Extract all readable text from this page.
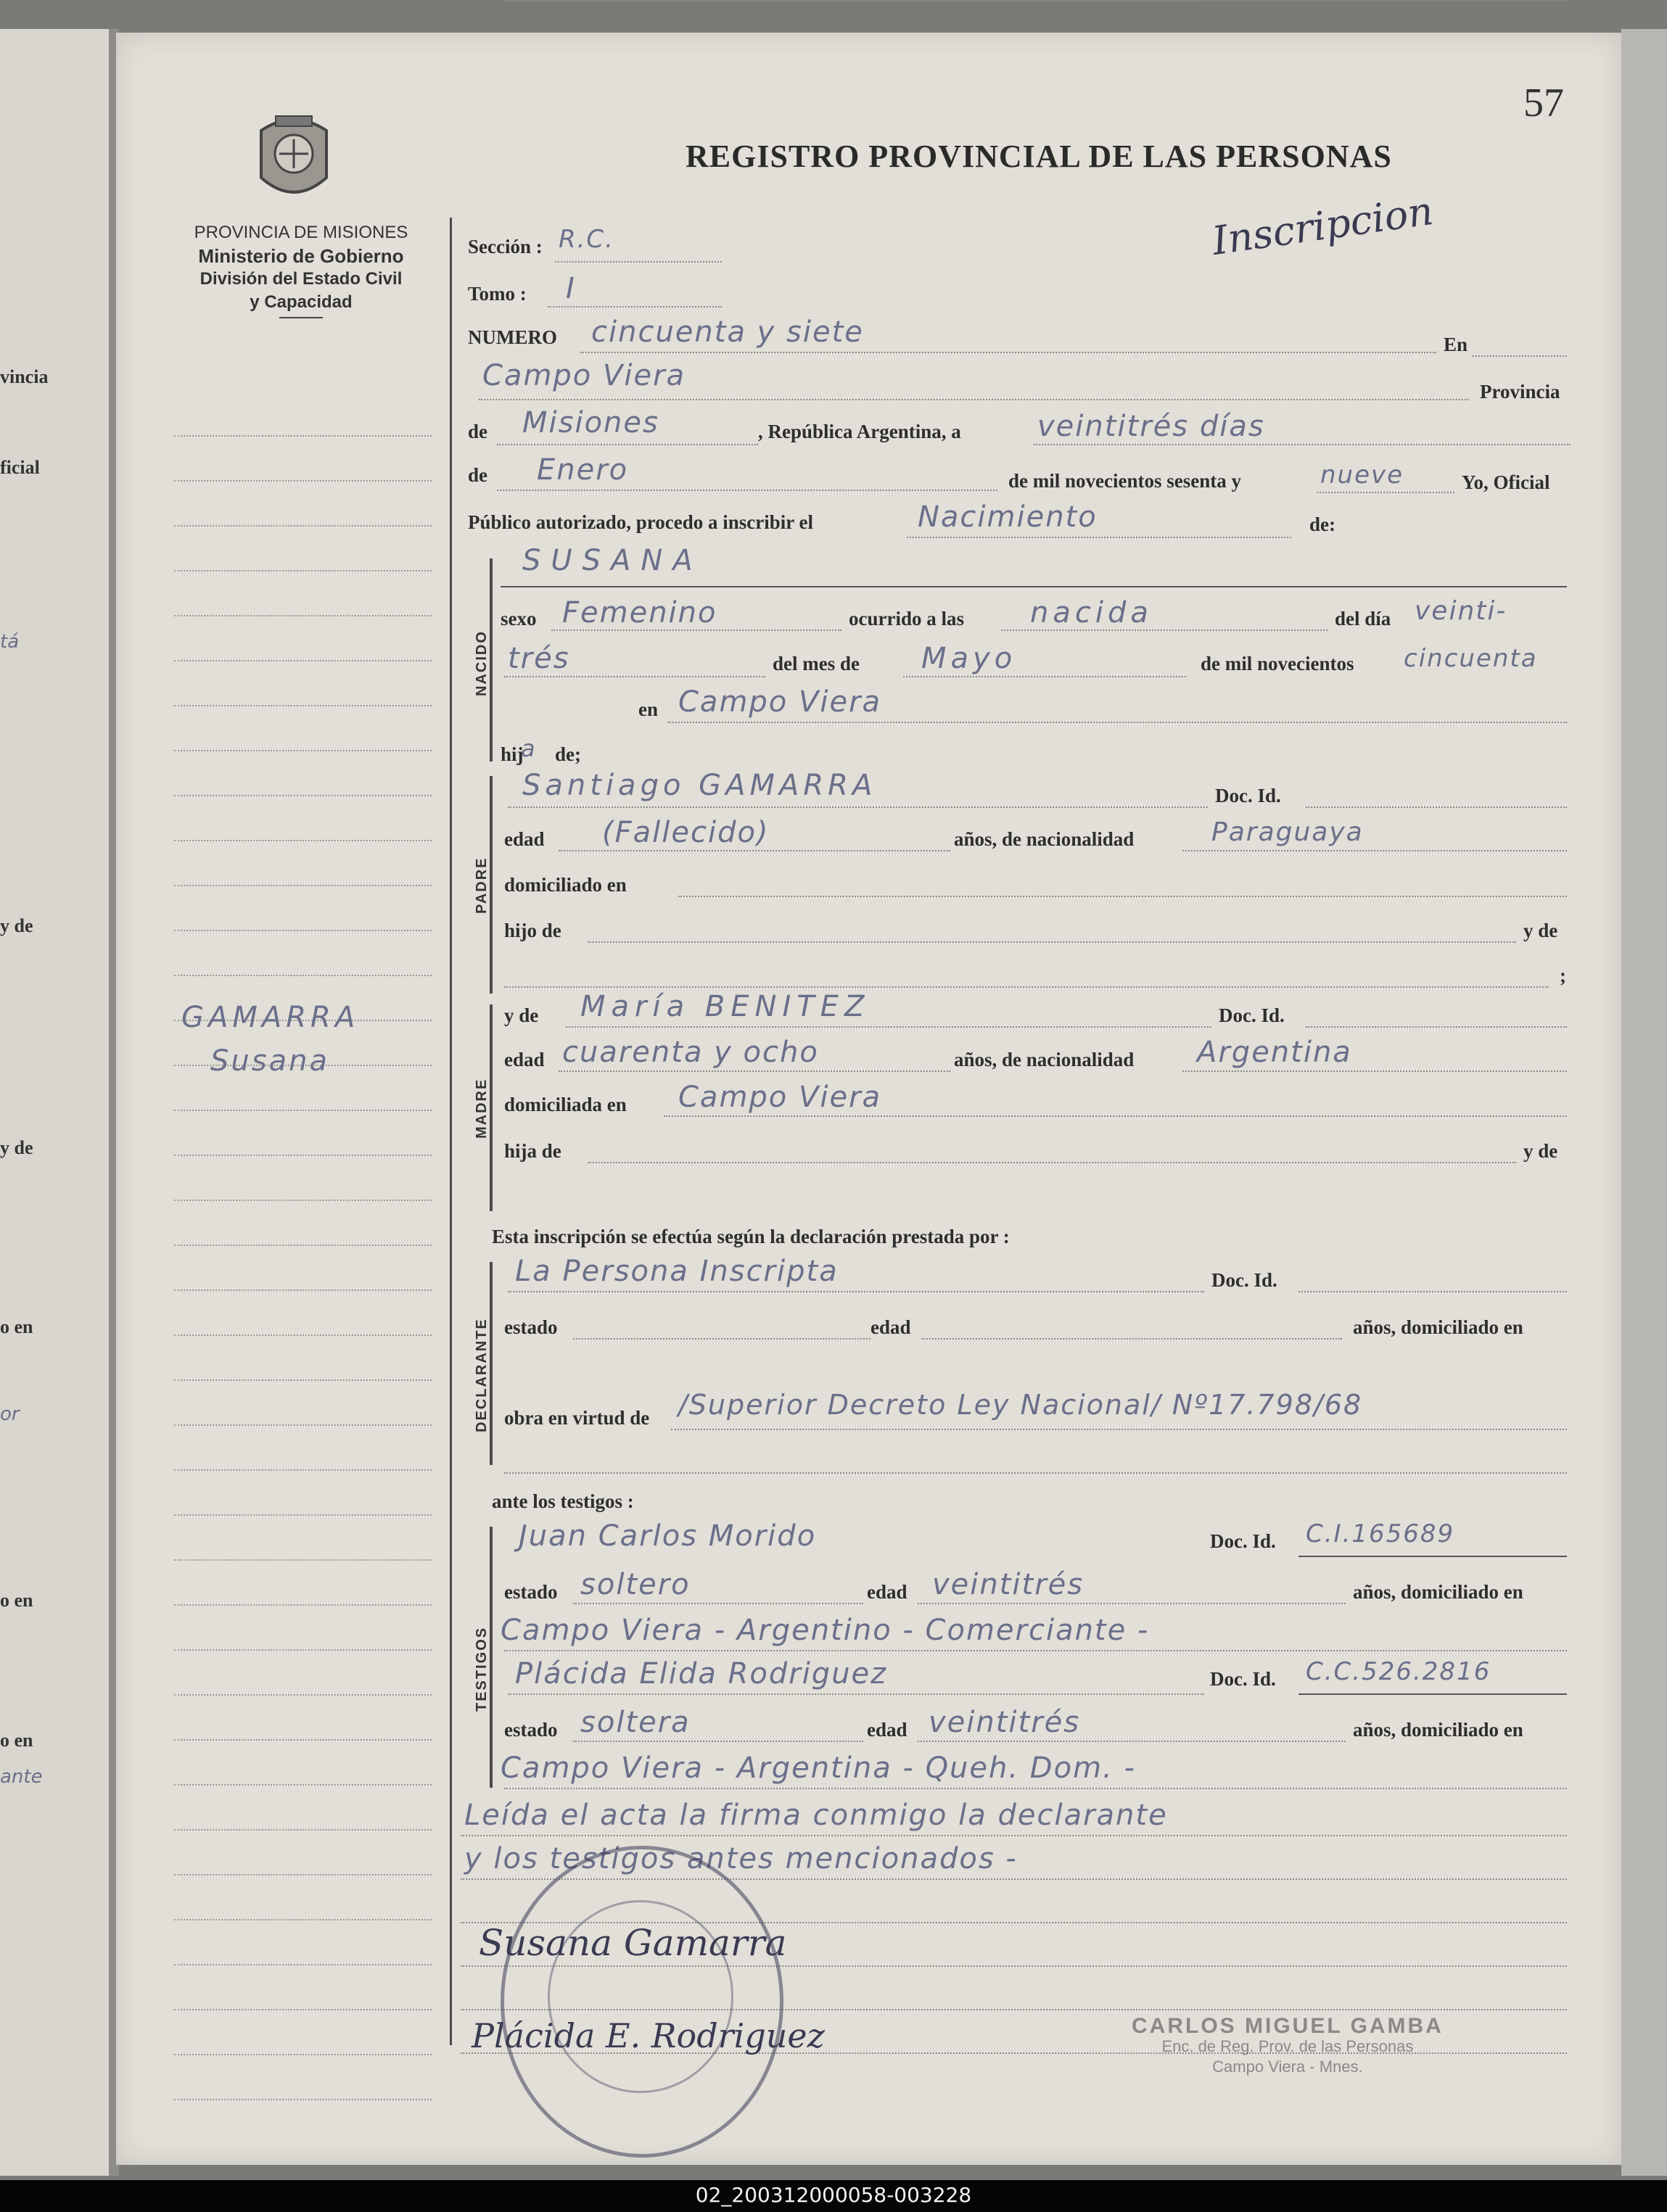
vincia
ficial
tá
y de
y de
o en
or
o en
o en
ante
57
REGISTRO PROVINCIAL DE LAS PERSONAS
Inscripcion
PROVINCIA DE MISIONES
Ministerio de Gobierno
División del Estado Civil
y Capacidad
GAMARRA
Susana
Sección : R.C.
Tomo : I
NUMERO cincuenta y siete	En
Campo Viera	Provincia
de Misiones	, República Argentina, a	veintitrés días
de Enero	de mil novecientos sesenta y	nueve	Yo, Oficial
Público autorizado, procedo a inscribir el	Nacimiento	de:
NACIDO
SUSANA
sexo Femenino	ocurrido a las nacida	del día veinti-
trés	del mes de Mayo	de mil novecientos cincuenta
en Campo Viera
hij
a de;
PADRE
Santiago GAMARRA	Doc. Id.
edad (Fallecido)	años, de nacionalidad	Paraguaya
domiciliado en
hijo de	y de
;
MADRE
y de María BENITEZ	Doc. Id.
edad cuarenta y ocho	años, de nacionalidad Argentina
domiciliada en Campo Viera
hija de	y de
Esta inscripción se efectúa según la declaración prestada por :
DECLARANTE
La Persona Inscripta	Doc. Id.
estado	edad	años, domiciliado en
obra en virtud de /Superior Decreto Ley Nacional/ Nº17.798/68
ante los testigos :
TESTIGOS
Juan Carlos Morido	Doc. Id. C.I.165689
estado soltero	edad veintitrés	años, domiciliado en
Campo Viera - Argentino - Comerciante -
Plácida Elida Rodriguez	Doc. Id. C.C.526.2816
estado soltera	edad veintitrés	años, domiciliado en
Campo Viera - Argentina - Queh. Dom. -
Leída el acta la firma conmigo la declarante
y los testigos antes mencionados -
Susana Gamarra
Plácida E. Rodriguez	CARLOS MIGUEL GAMBA
Enc. de Reg. Prov. de las Personas
Campo Viera - Mnes.
02_200312000058-003228
